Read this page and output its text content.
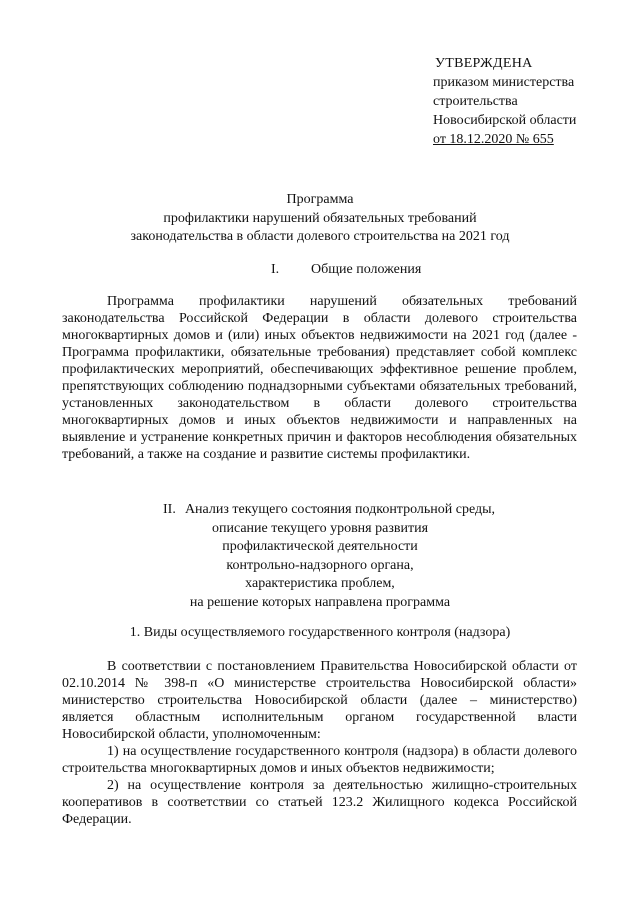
УТВЕРЖДЕНА
приказом министерства
строительства
Новосибирской области
от 18.12.2020 № 655
Программа
профилактики нарушений обязательных требований
законодательства в области долевого строительства на 2021 год
I. Общие положения
Программа профилактики нарушений обязательных требований законодательства Российской Федерации в области долевого строительства многоквартирных домов и (или) иных объектов недвижимости на 2021 год (далее - Программа профилактики, обязательные требования) представляет собой комплекс профилактических мероприятий, обеспечивающих эффективное решение проблем, препятствующих соблюдению поднадзорными субъектами обязательных требований, установленных законодательством в области долевого строительства многоквартирных домов и иных объектов недвижимости и направленных на выявление и устранение конкретных причин и факторов несоблюдения обязательных требований, а также на создание и развитие системы профилактики.
II. Анализ текущего состояния подконтрольной среды,
описание текущего уровня развития
профилактической деятельности
контрольно-надзорного органа,
характеристика проблем,
на решение которых направлена программа
1. Виды осуществляемого государственного контроля (надзора)
В соответствии с постановлением Правительства Новосибирской области от 02.10.2014 № 398-п «О министерстве строительства Новосибирской области» министерство строительства Новосибирской области (далее – министерство) является областным исполнительным органом государственной власти Новосибирской области, уполномоченным:
1) на осуществление государственного контроля (надзора) в области долевого строительства многоквартирных домов и иных объектов недвижимости;
2) на осуществление контроля за деятельностью жилищно-строительных кооперативов в соответствии со статьей 123.2 Жилищного кодекса Российской Федерации.
